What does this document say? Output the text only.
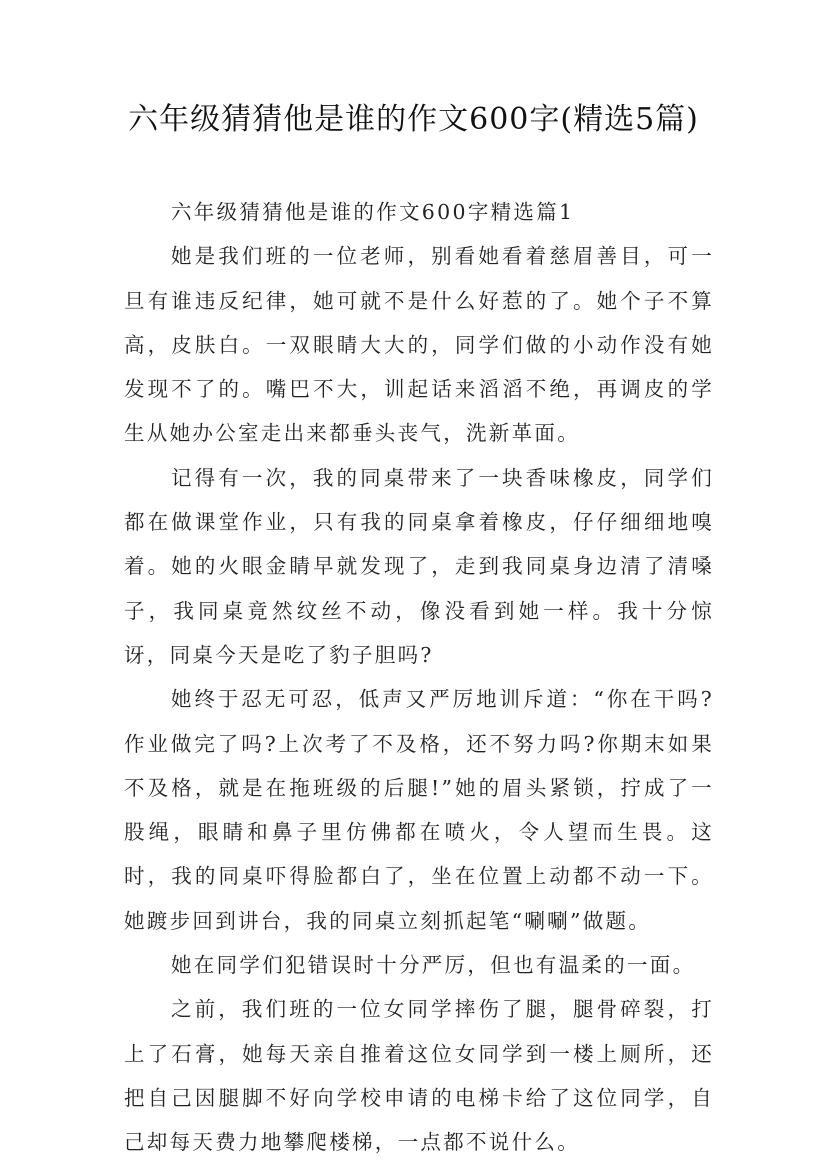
六年级猜猜他是谁的作文600字(精选5篇)

六年级猜猜他是谁的作文600字精选篇1

她是我们班的一位老师，别看她看着慈眉善目，可一旦有谁违反纪律，她可就不是什么好惹的了。她个子不算高，皮肤白。一双眼睛大大的，同学们做的小动作没有她发现不了的。嘴巴不大，训起话来滔滔不绝，再调皮的学生从她办公室走出来都垂头丧气，洗新革面。

记得有一次，我的同桌带来了一块香味橡皮，同学们都在做课堂作业，只有我的同桌拿着橡皮，仔仔细细地嗅着。她的火眼金睛早就发现了，走到我同桌身边清了清嗓子，我同桌竟然纹丝不动，像没看到她一样。我十分惊讶，同桌今天是吃了豹子胆吗?

她终于忍无可忍，低声又严厉地训斥道：“你在干吗?作业做完了吗?上次考了不及格，还不努力吗?你期末如果不及格，就是在拖班级的后腿!”她的眉头紧锁，拧成了一股绳，眼睛和鼻子里仿佛都在喷火，令人望而生畏。这时，我的同桌吓得脸都白了，坐在位置上动都不动一下。她踱步回到讲台，我的同桌立刻抓起笔“唰唰”做题。

她在同学们犯错误时十分严厉，但也有温柔的一面。

之前，我们班的一位女同学摔伤了腿，腿骨碎裂，打上了石膏，她每天亲自推着这位女同学到一楼上厕所，还把自己因腿脚不好向学校申请的电梯卡给了这位同学，自己却每天费力地攀爬楼梯，一点都不说什么。
